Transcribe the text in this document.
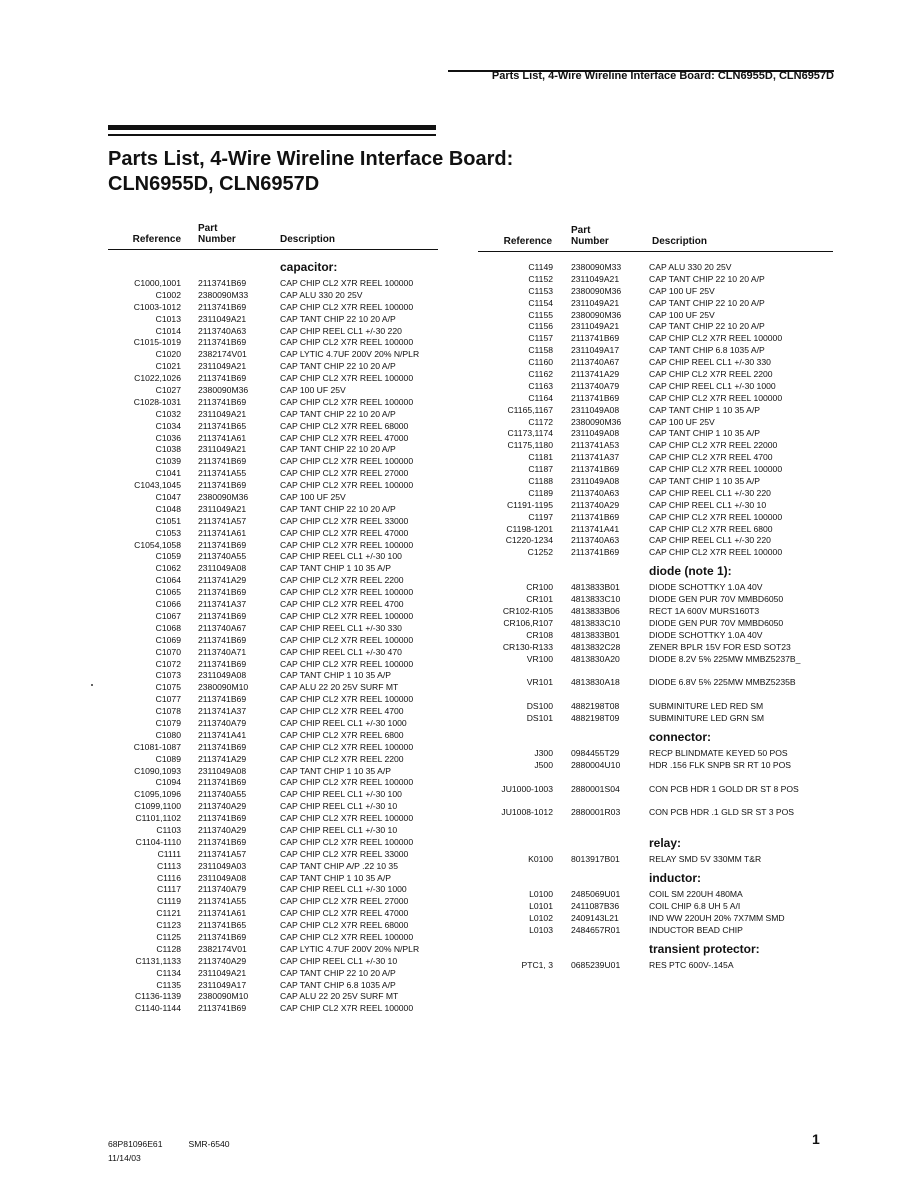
Parts List, 4-Wire Wireline Interface Board: CLN6955D, CLN6957D
Parts List, 4-Wire Wireline Interface Board:
CLN6955D, CLN6957D
Reference
Part
Number	Description
capacitor:
C1000,1001 2113741B69	CAP CHIP CL2 X7R REEL 100000
C1002 2380090M33	CAP ALU 330 20 25V
C1003-1012 2113741B69	CAP CHIP CL2 X7R REEL 100000
C1013 2311049A21	CAP TANT CHIP 22 10 20 A/P
C1014 2113740A63	CAP CHIP REEL CL1 +/-30 220
C1015-1019 2113741B69	CAP CHIP CL2 X7R REEL 100000
C1020 2382174V01	CAP LYTIC 4.7UF 200V 20% N/PLR
C1021 2311049A21	CAP TANT CHIP 22 10 20 A/P
C1022,1026 2113741B69	CAP CHIP CL2 X7R REEL 100000
C1027 2380090M36	CAP 100 UF 25V
C1028-1031 2113741B69	CAP CHIP CL2 X7R REEL 100000
C1032 2311049A21	CAP TANT CHIP 22 10 20 A/P
C1034 2113741B65	CAP CHIP CL2 X7R REEL 68000
C1036 2113741A61	CAP CHIP CL2 X7R REEL 47000
C1038 2311049A21	CAP TANT CHIP 22 10 20 A/P
C1039 2113741B69	CAP CHIP CL2 X7R REEL 100000
C1041 2113741A55	CAP CHIP CL2 X7R REEL 27000
C1043,1045 2113741B69	CAP CHIP CL2 X7R REEL 100000
C1047 2380090M36	CAP 100 UF 25V
C1048 2311049A21	CAP TANT CHIP 22 10 20 A/P
C1051 2113741A57	CAP CHIP CL2 X7R REEL 33000
C1053 2113741A61	CAP CHIP CL2 X7R REEL 47000
C1054,1058 2113741B69	CAP CHIP CL2 X7R REEL 100000
C1059 2113740A55	CAP CHIP REEL CL1 +/-30 100
C1062 2311049A08	CAP TANT CHIP 1 10 35 A/P
C1064 2113741A29	CAP CHIP CL2 X7R REEL 2200
C1065 2113741B69	CAP CHIP CL2 X7R REEL 100000
C1066 2113741A37	CAP CHIP CL2 X7R REEL 4700
C1067 2113741B69	CAP CHIP CL2 X7R REEL 100000
C1068 2113740A67	CAP CHIP REEL CL1 +/-30 330
C1069 2113741B69	CAP CHIP CL2 X7R REEL 100000
C1070 2113740A71	CAP CHIP REEL CL1 +/-30 470
C1072 2113741B69	CAP CHIP CL2 X7R REEL 100000
C1073 2311049A08	CAP TANT CHIP 1 10 35 A/P
C1075 2380090M10	CAP ALU 22 20 25V SURF MT
C1077 2113741B69	CAP CHIP CL2 X7R REEL 100000
C1078 2113741A37	CAP CHIP CL2 X7R REEL 4700
C1079 2113740A79	CAP CHIP REEL CL1 +/-30 1000
C1080 2113741A41	CAP CHIP CL2 X7R REEL 6800
C1081-1087 2113741B69	CAP CHIP CL2 X7R REEL 100000
C1089 2113741A29	CAP CHIP CL2 X7R REEL 2200
C1090,1093 2311049A08	CAP TANT CHIP 1 10 35 A/P
C1094 2113741B69	CAP CHIP CL2 X7R REEL 100000
C1095,1096 2113740A55	CAP CHIP REEL CL1 +/-30 100
C1099,1100 2113740A29	CAP CHIP REEL CL1 +/-30 10
C1101,1102 2113741B69	CAP CHIP CL2 X7R REEL 100000
C1103 2113740A29	CAP CHIP REEL CL1 +/-30 10
C1104-1110 2113741B69	CAP CHIP CL2 X7R REEL 100000
C1111 2113741A57	CAP CHIP CL2 X7R REEL 33000
C1113 2311049A03	CAP TANT CHIP A/P .22 10 35
C1116 2311049A08	CAP TANT CHIP 1 10 35 A/P
C1117 2113740A79	CAP CHIP REEL CL1 +/-30 1000
C1119 2113741A55	CAP CHIP CL2 X7R REEL 27000
C1121 2113741A61	CAP CHIP CL2 X7R REEL 47000
C1123 2113741B65	CAP CHIP CL2 X7R REEL 68000
C1125 2113741B69	CAP CHIP CL2 X7R REEL 100000
C1128 2382174V01	CAP LYTIC 4.7UF 200V 20% N/PLR
C1131,1133 2113740A29	CAP CHIP REEL CL1 +/-30 10
C1134 2311049A21	CAP TANT CHIP 22 10 20 A/P
C1135 2311049A17	CAP TANT CHIP 6.8 1035 A/P
C1136-1139 2380090M10	CAP ALU 22 20 25V SURF MT
C1140-1144 2113741B69	CAP CHIP CL2 X7R REEL 100000
Reference
Part
Number	Description
C1149 2380090M33	CAP ALU 330 20 25V
C1152 2311049A21	CAP TANT CHIP 22 10 20 A/P
C1153 2380090M36	CAP 100 UF 25V
C1154 2311049A21	CAP TANT CHIP 22 10 20 A/P
C1155 2380090M36	CAP 100 UF 25V
C1156 2311049A21	CAP TANT CHIP 22 10 20 A/P
C1157 2113741B69	CAP CHIP CL2 X7R REEL 100000
C1158 2311049A17	CAP TANT CHIP 6.8 1035 A/P
C1160 2113740A67	CAP CHIP REEL CL1 +/-30 330
C1162 2113741A29	CAP CHIP CL2 X7R REEL 2200
C1163 2113740A79	CAP CHIP REEL CL1 +/-30 1000
C1164 2113741B69	CAP CHIP CL2 X7R REEL 100000
C1165,1167 2311049A08	CAP TANT CHIP 1 10 35 A/P
C1172 2380090M36	CAP 100 UF 25V
C1173,1174 2311049A08	CAP TANT CHIP 1 10 35 A/P
C1175,1180 2113741A53	CAP CHIP CL2 X7R REEL 22000
C1181 2113741A37	CAP CHIP CL2 X7R REEL 4700
C1187 2113741B69	CAP CHIP CL2 X7R REEL 100000
C1188 2311049A08	CAP TANT CHIP 1 10 35 A/P
C1189 2113740A63	CAP CHIP REEL CL1 +/-30 220
C1191-1195 2113740A29	CAP CHIP REEL CL1 +/-30 10
C1197 2113741B69	CAP CHIP CL2 X7R REEL 100000
C1198-1201 2113741A41	CAP CHIP CL2 X7R REEL 6800
C1220-1234 2113740A63	CAP CHIP REEL CL1 +/-30 220
C1252 2113741B69	CAP CHIP CL2 X7R REEL 100000
diode (note 1):
CR100 4813833B01	DIODE SCHOTTKY 1.0A 40V
CR101 4813833C10	DIODE GEN PUR 70V MMBD6050
CR102-R105 4813833B06	RECT 1A 600V MURS160T3
CR106,R107 4813833C10	DIODE GEN PUR 70V MMBD6050
CR108 4813833B01	DIODE SCHOTTKY 1.0A 40V
CR130-R133 4813832C28	ZENER BPLR 15V FOR ESD SOT23
VR100 4813830A20	DIODE 8.2V 5% 225MW MMBZ5237B_
VR101 4813830A18	DIODE 6.8V 5% 225MW MMBZ5235B
DS100 4882198T08	SUBMINITURE LED RED SM
DS101 4882198T09	SUBMINITURE LED GRN SM
connector:
J300 0984455T29	RECP BLINDMATE KEYED 50 POS
J500 2880004U10	HDR .156 FLK SNPB SR RT 10 POS
JU1000-1003 2880001S04	CON PCB HDR 1 GOLD DR ST 8 POS
JU1008-1012 2880001R03	CON PCB HDR .1 GLD SR ST 3 POS
relay:
K0100 8013917B01	RELAY SMD 5V 330MM T&R
inductor:
L0100 2485069U01	COIL SM 220UH 480MA
L0101 2411087B36	COIL CHIP 6.8 UH 5 A/I
L0102 2409143L21	IND WW 220UH 20% 7X7MM SMD
L0103 2484657R01	INDUCTOR BEAD CHIP
transient protector:
PTC1, 3 0685239U01	RES PTC 600V-.145A
68P81096E61	SMR-6540
11/14/03
1
